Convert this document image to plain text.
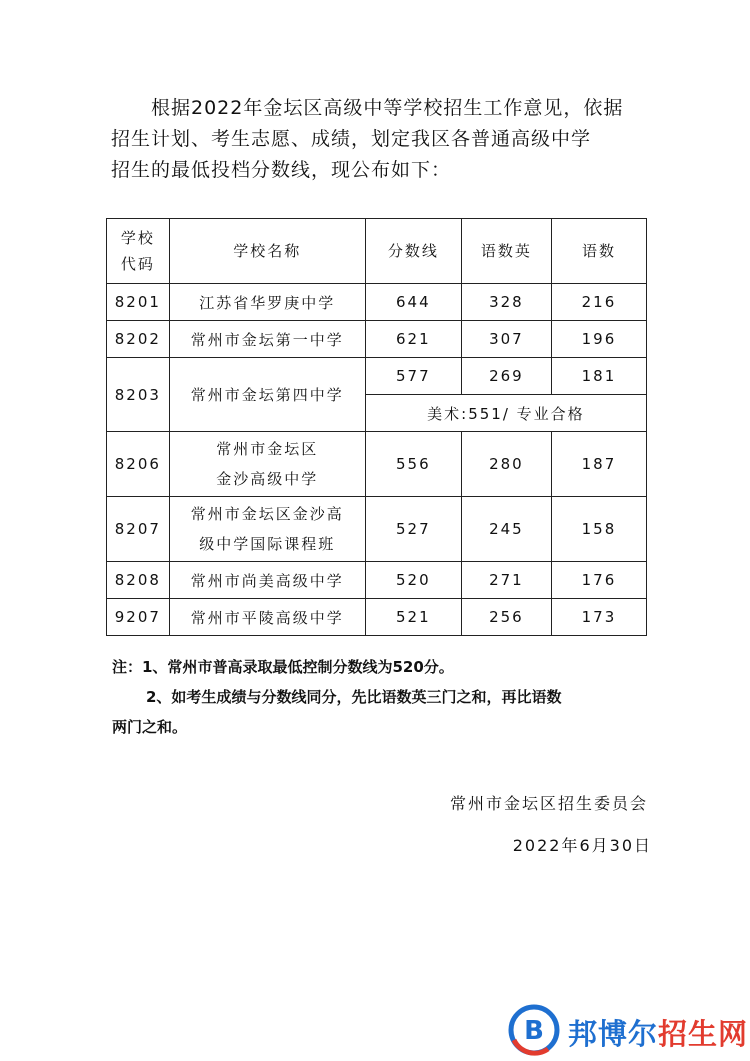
根据2022年金坛区高级中等学校招生工作意见，依据

招生计划、考生志愿、成绩，划定我区各普通高级中学

招生的最低投档分数线，现公布如下：

学校
代码	学校名称	分数线	语数英	语数
8201	江苏省华罗庚中学	644	328	216
8202	常州市金坛第一中学	621	307	196
8203	常州市金坛第四中学	577	269	181
		美术:551/ 专业合格		
8206	常州市金坛区
金沙高级中学	556	280	187
8207	常州市金坛区金沙高
级中学国际课程班	527	245	158
8208	常州市尚美高级中学	520	271	176
9207	常州市平陵高级中学	521	256	173

注：1、常州市普高录取最低控制分数线为520分。

2、如考生成绩与分数线同分，先比语数英三门之和，再比语数

两门之和。

常州市金坛区招生委员会
2022年6月30日
B 邦博尔招生网
